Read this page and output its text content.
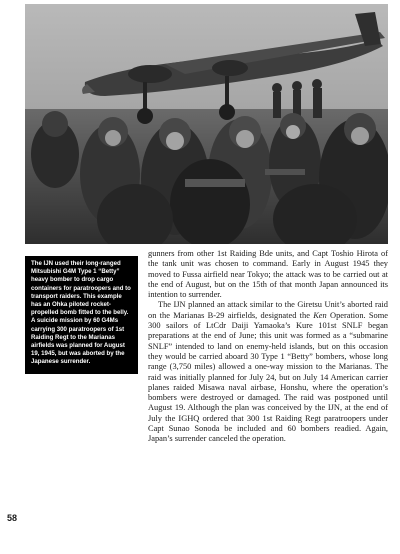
The IJN used their long-ranged Mitsubishi G4M Type 1 “Betty” heavy bomber to drop cargo containers for paratroopers and to transport raiders. This example has an Ohka piloted rocket-propelled bomb fitted to the belly. A suicide mission by 60 G4Ms carrying 300 paratroopers of 1st Raiding Regt to the Marianas airfields was planned for August 19, 1945, but was aborted by the Japanese surrender.

gunners from other 1st Raiding Bde units, and Capt Toshio Hirota of the tank unit was chosen to command. Early in August 1945 they moved to Fussa airfield near Tokyo; the attack was to be carried out at the end of August, but on the 15th of that month Japan announced its intention to surrender.

The IJN planned an attack similar to the Giretsu Unit’s aborted raid on the Marianas B-29 airfields, designated the Ken Operation. Some 300 sailors of LtCdr Daiji Yamaoka’s Kure 101st SNLF began preparations at the end of June; this unit was formed as a “submarine SNLF” intended to land on enemy-held islands, but on this occasion they would be carried aboard 30 Type 1 “Betty” bombers, whose long range (3,750 miles) allowed a one-way mission to the Marianas. The raid was initially planned for July 24, but on July 14 American carrier planes raided Misawa naval airbase, Honshu, where the operation’s bombers were destroyed or damaged. The raid was postponed until August 19. Although the plan was conceived by the IJN, at the end of July the IGHQ ordered that 300 1st Raiding Regt paratroopers under Capt Sunao Sonoda be included and 60 bombers readied. Again, Japan’s surrender canceled the operation.

58
